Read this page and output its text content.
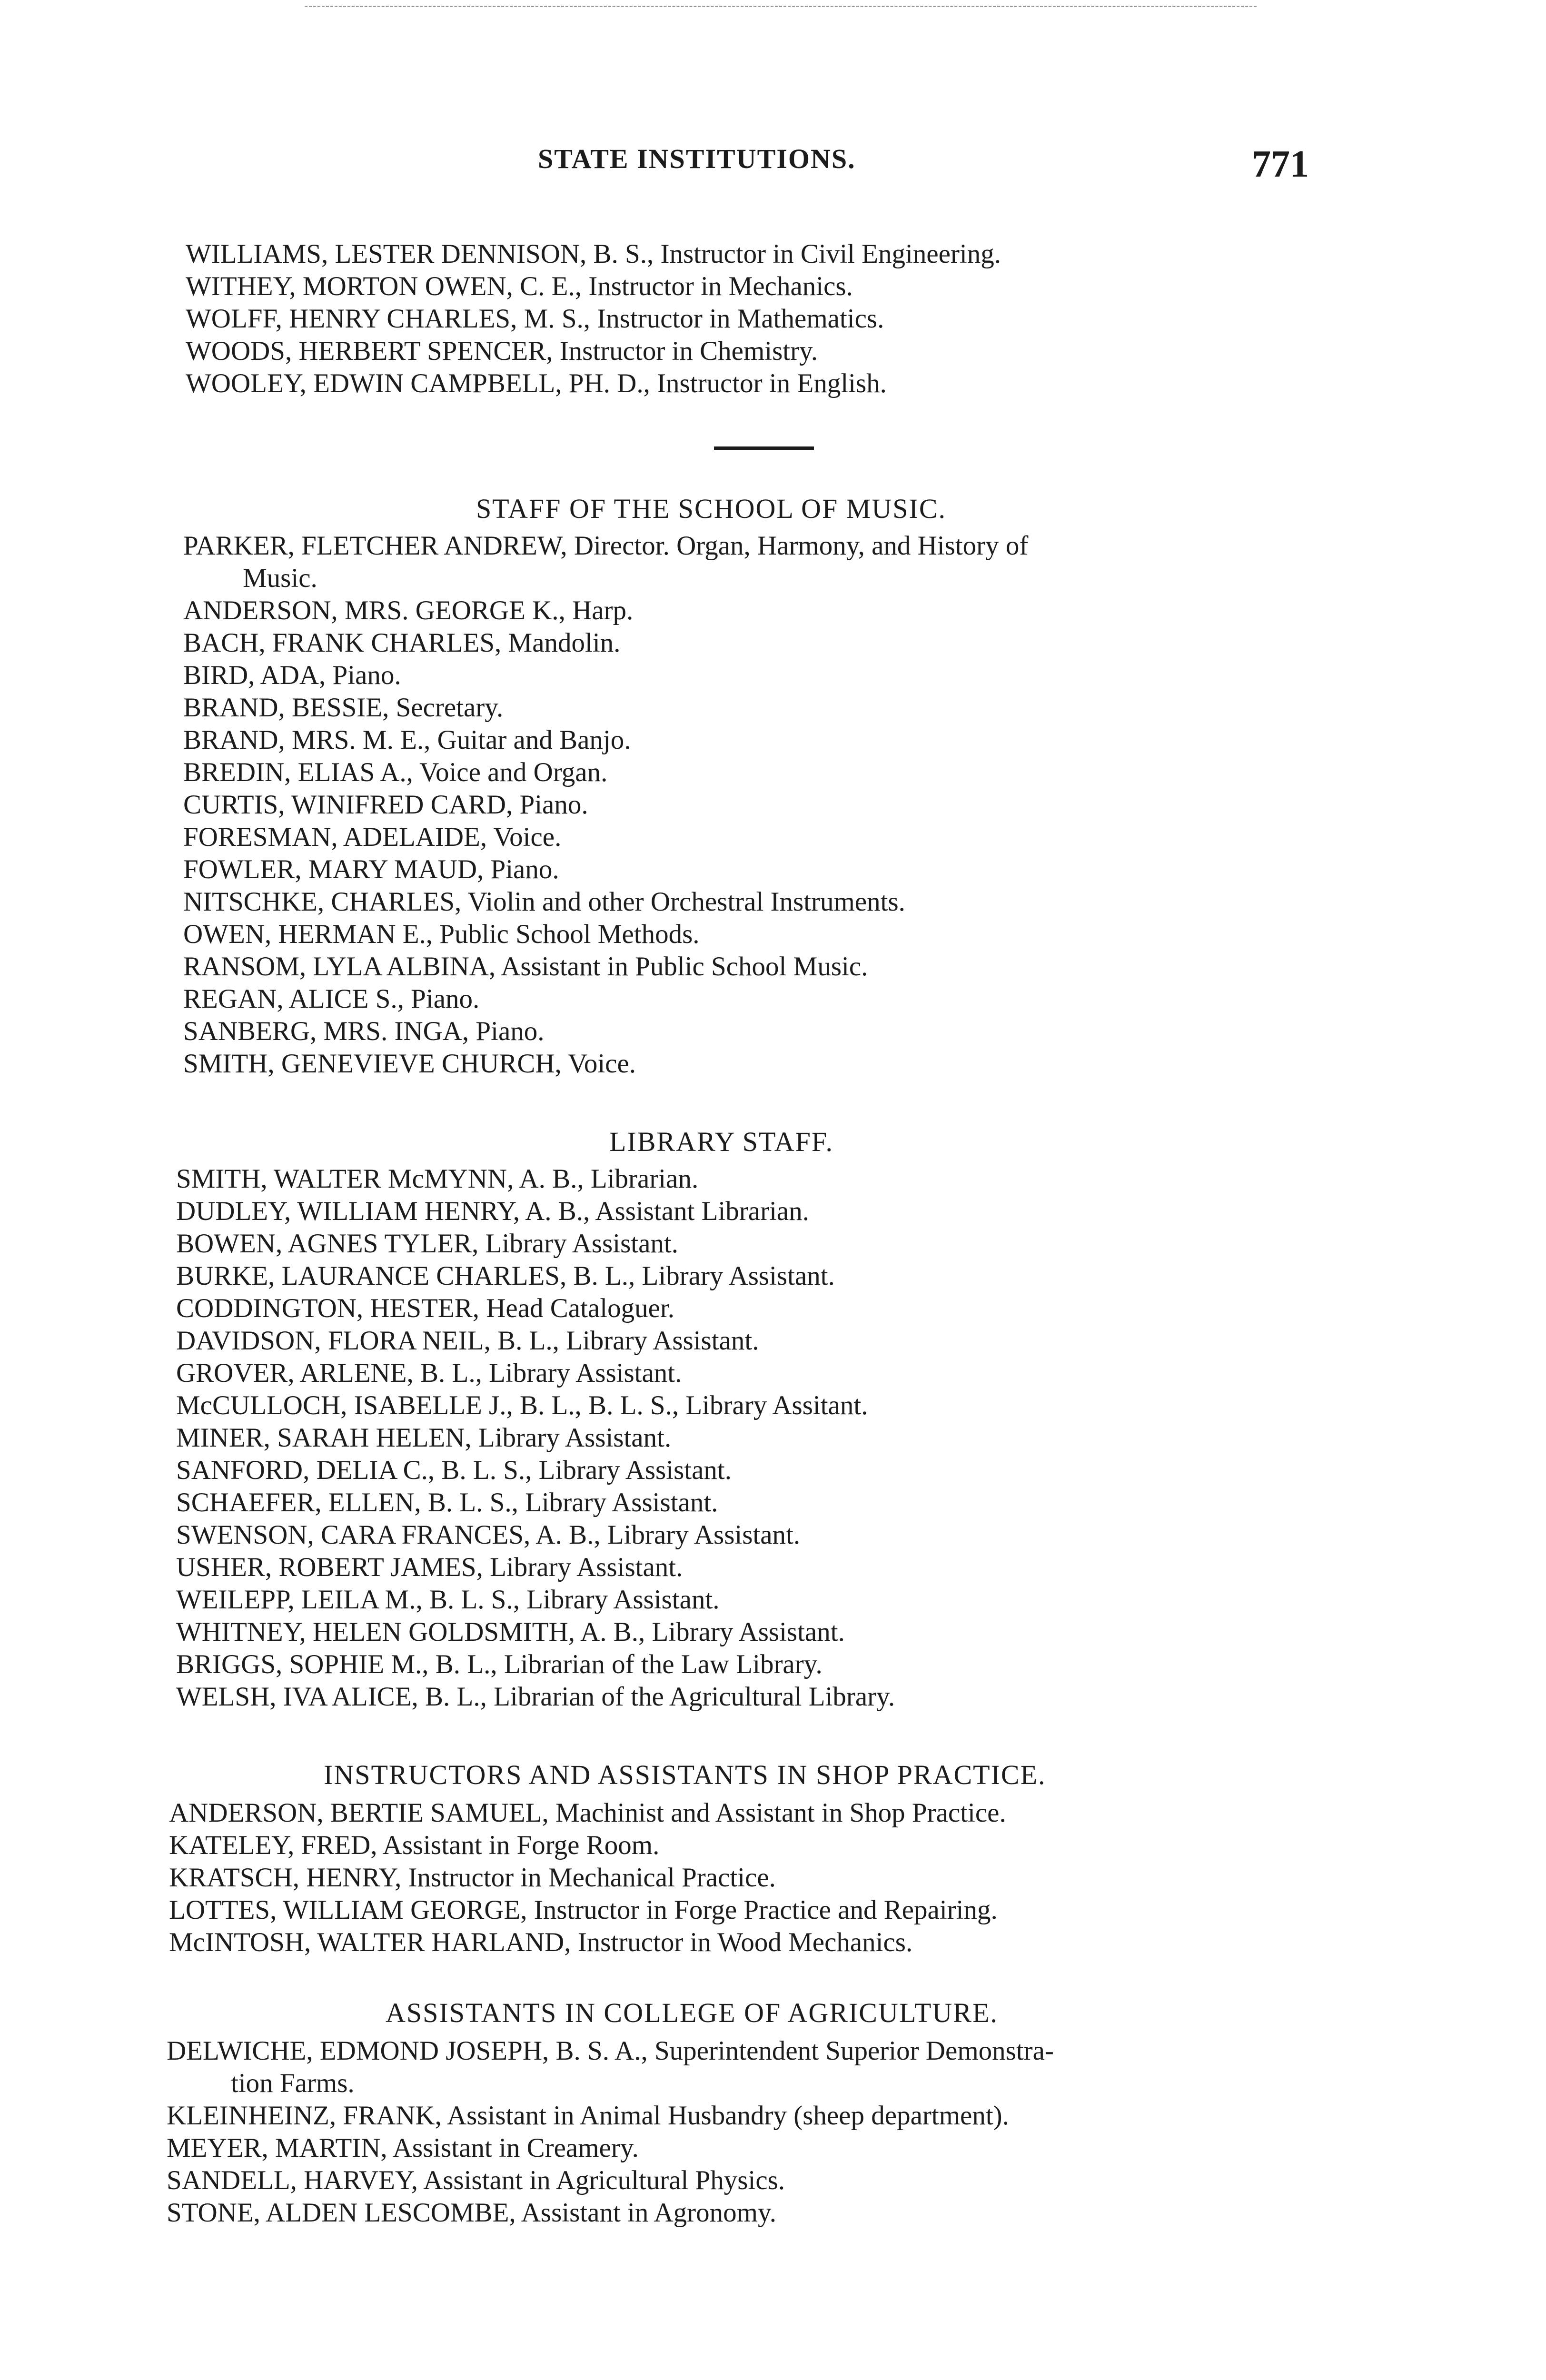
STATE INSTITUTIONS.	771
WILLIAMS, LESTER DENNISON, B. S., Instructor in Civil Engineering.
WITHEY, MORTON OWEN, C. E., Instructor in Mechanics.
WOLFF, HENRY CHARLES, M. S., Instructor in Mathematics.
WOODS, HERBERT SPENCER, Instructor in Chemistry.
WOOLEY, EDWIN CAMPBELL, PH. D., Instructor in English.
STAFF OF THE SCHOOL OF MUSIC.
PARKER, FLETCHER ANDREW, Director. Organ, Harmony, and History of
Music.
ANDERSON, MRS. GEORGE K., Harp.
BACH, FRANK CHARLES, Mandolin.
BIRD, ADA, Piano.
BRAND, BESSIE, Secretary.
BRAND, MRS. M. E., Guitar and Banjo.
BREDIN, ELIAS A., Voice and Organ.
CURTIS, WINIFRED CARD, Piano.
FORESMAN, ADELAIDE, Voice.
FOWLER, MARY MAUD, Piano.
NITSCHKE, CHARLES, Violin and other Orchestral Instruments.
OWEN, HERMAN E., Public School Methods.
RANSOM, LYLA ALBINA, Assistant in Public School Music.
REGAN, ALICE S., Piano.
SANBERG, MRS. INGA, Piano.
SMITH, GENEVIEVE CHURCH, Voice.
LIBRARY STAFF.
SMITH, WALTER McMYNN, A. B., Librarian.
DUDLEY, WILLIAM HENRY, A. B., Assistant Librarian.
BOWEN, AGNES TYLER, Library Assistant.
BURKE, LAURANCE CHARLES, B. L., Library Assistant.
CODDINGTON, HESTER, Head Cataloguer.
DAVIDSON, FLORA NEIL, B. L., Library Assistant.
GROVER, ARLENE, B. L., Library Assistant.
McCULLOCH, ISABELLE J., B. L., B. L. S., Library Assitant.
MINER, SARAH HELEN, Library Assistant.
SANFORD, DELIA C., B. L. S., Library Assistant.
SCHAEFER, ELLEN, B. L. S., Library Assistant.
SWENSON, CARA FRANCES, A. B., Library Assistant.
USHER, ROBERT JAMES, Library Assistant.
WEILEPP, LEILA M., B. L. S., Library Assistant.
WHITNEY, HELEN GOLDSMITH, A. B., Library Assistant.
BRIGGS, SOPHIE M., B. L., Librarian of the Law Library.
WELSH, IVA ALICE, B. L., Librarian of the Agricultural Library.
INSTRUCTORS AND ASSISTANTS IN SHOP PRACTICE.
ANDERSON, BERTIE SAMUEL, Machinist and Assistant in Shop Practice.
KATELEY, FRED, Assistant in Forge Room.
KRATSCH, HENRY, Instructor in Mechanical Practice.
LOTTES, WILLIAM GEORGE, Instructor in Forge Practice and Repairing.
McINTOSH, WALTER HARLAND, Instructor in Wood Mechanics.
ASSISTANTS IN COLLEGE OF AGRICULTURE.
DELWICHE, EDMOND JOSEPH, B. S. A., Superintendent Superior Demonstra-
tion Farms.
KLEINHEINZ, FRANK, Assistant in Animal Husbandry (sheep department).
MEYER, MARTIN, Assistant in Creamery.
SANDELL, HARVEY, Assistant in Agricultural Physics.
STONE, ALDEN LESCOMBE, Assistant in Agronomy.
